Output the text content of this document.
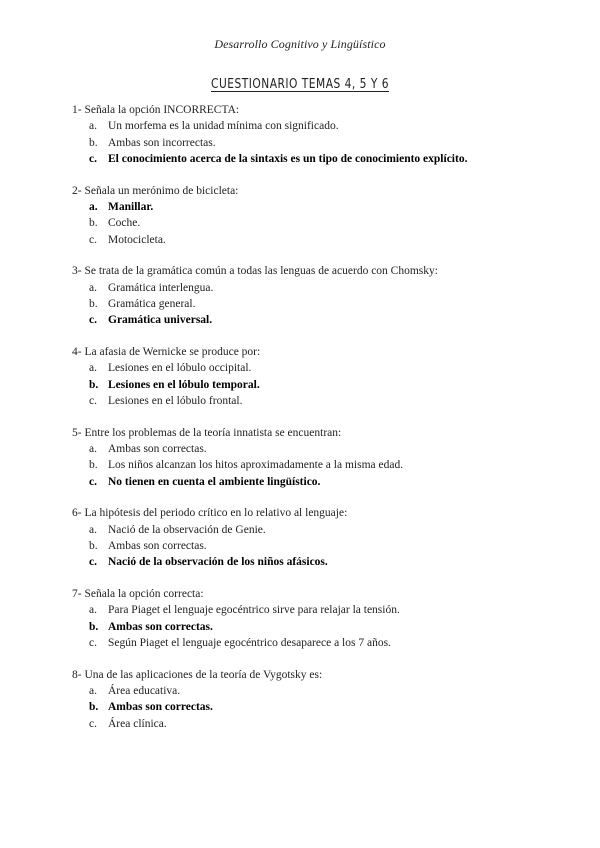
Desarrollo Cognitivo y Lingüístico
CUESTIONARIO TEMAS 4, 5 Y 6

1- Señala la opción INCORRECTA:

a. Un morfema es la unidad mínima con significado.
b. Ambas son incorrectas.
c. El conocimiento acerca de la sintaxis es un tipo de conocimiento explícito.

2- Señala un merónimo de bicicleta:

a. Manillar.
b. Coche.
c. Motocicleta.

3- Se trata de la gramática común a todas las lenguas de acuerdo con Chomsky:

a. Gramática interlengua.
b. Gramática general.
c. Gramática universal.

4- La afasia de Wernicke se produce por:

a. Lesiones en el lóbulo occipital.
b. Lesiones en el lóbulo temporal.
c. Lesiones en el lóbulo frontal.

5- Entre los problemas de la teoría innatista se encuentran:

a. Ambas son correctas.
b. Los niños alcanzan los hitos aproximadamente a la misma edad.
c. No tienen en cuenta el ambiente lingüístico.

6- La hipótesis del periodo crítico en lo relativo al lenguaje:

a. Nació de la observación de Genie.
b. Ambas son correctas.
c. Nació de la observación de los niños afásicos.

7- Señala la opción correcta:

a. Para Piaget el lenguaje egocéntrico sirve para relajar la tensión.
b. Ambas son correctas.
c. Según Piaget el lenguaje egocéntrico desaparece a los 7 años.

8- Una de las aplicaciones de la teoría de Vygotsky es:

a. Área educativa.
b. Ambas son correctas.
c. Área clínica.
